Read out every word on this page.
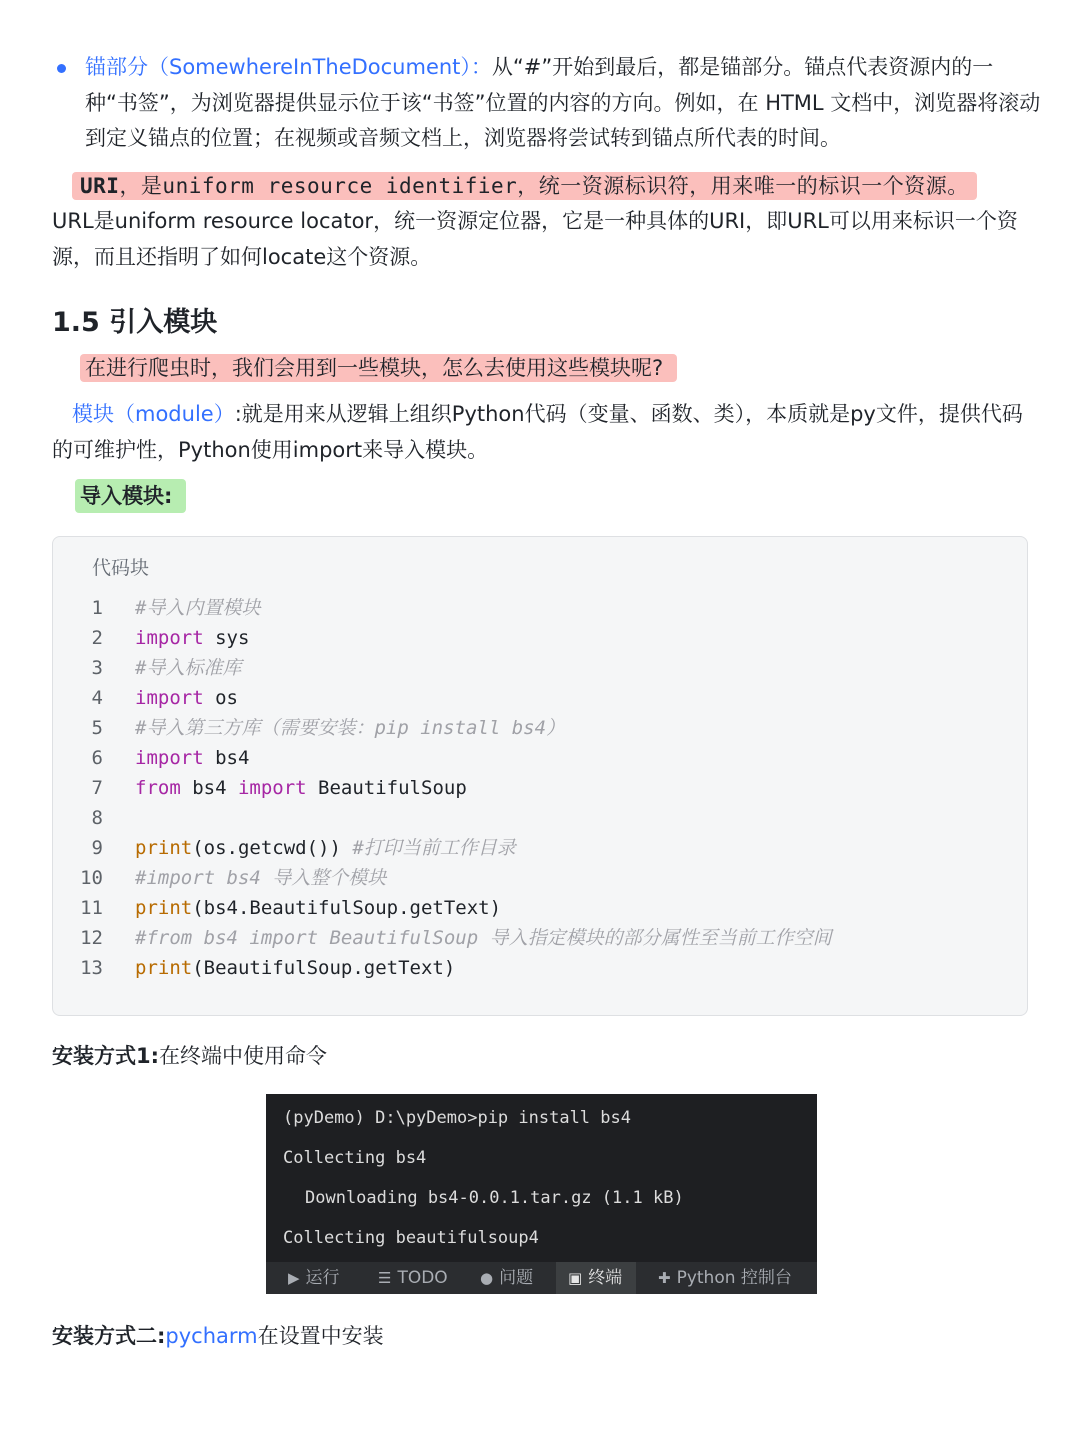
锚部分（SomewhereInTheDocument）：从“#”开始到最后，都是锚部分。锚点代表资源内的一种“书签”，为浏览器提供显示位于该“书签”位置的内容的方向。例如，在 HTML 文档中，浏览器将滚动到定义锚点的位置；在视频或音频文档上，浏览器将尝试转到锚点所代表的时间。
URI，是uniform resource identifier，统一资源标识符，用来唯一的标识一个资源。
URL是uniform resource locator，统一资源定位器，它是一种具体的URI，即URL可以用来标识一个资源，而且还指明了如何locate这个资源。
1.5 引入模块
在进行爬虫时，我们会用到一些模块，怎么去使用这些模块呢?
模块（module）:就是用来从逻辑上组织Python代码（变量、函数、类），本质就是py文件，提供代码的可维护性，Python使用import来导入模块。
导入模块:
代码块
1 #导入内置模块
2 import sys
3 #导入标准库
4 import os
5 #导入第三方库（需要安装：pip install bs4）
6 import bs4
7 from bs4 import BeautifulSoup
8
9 print(os.getcwd()) #打印当前工作目录
10 #import bs4 导入整个模块
11 print(bs4.BeautifulSoup.getText)
12 #from bs4 import BeautifulSoup 导入指定模块的部分属性至当前工作空间
13 print(BeautifulSoup.getText)
安装方式1:在终端中使用命令
(pyDemo) D:\pyDemo>pip install bs4
Collecting bs4
Downloading bs4-0.0.1.tar.gz (1.1 kB)
Collecting beautifulsoup4
▶ 运行	☰ TODO ● 问题	▣ 终端	✚ Python 控制台
安装方式二:pycharm在设置中安装
